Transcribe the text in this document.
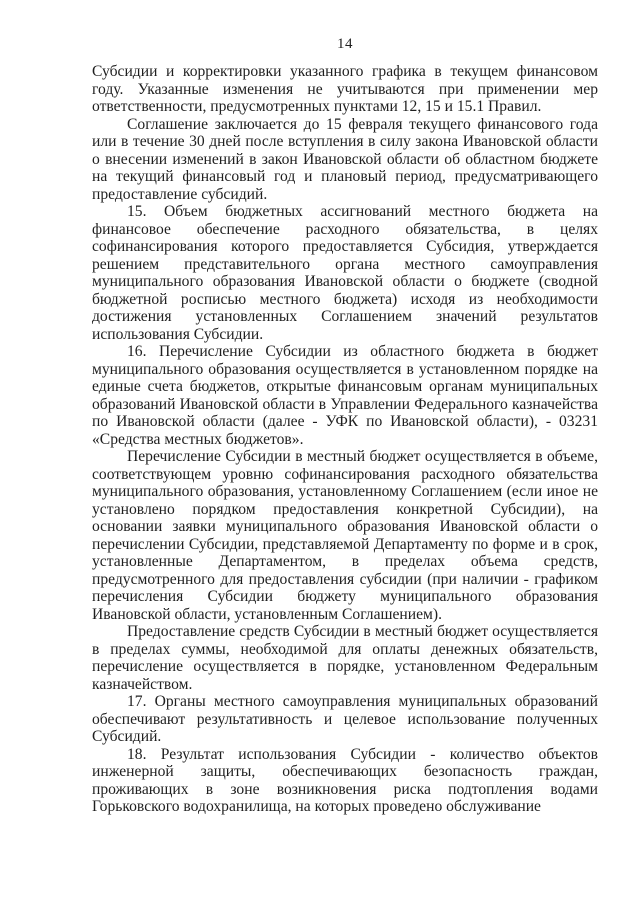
14

Субсидии и корректировки указанного графика в текущем финансовом году. Указанные изменения не учитываются при применении мер ответственности, предусмотренных пунктами 12, 15 и 15.1 Правил.

Соглашение заключается до 15 февраля текущего финансового года или в течение 30 дней после вступления в силу закона Ивановской области о внесении изменений в закон Ивановской области об областном бюджете на текущий финансовый год и плановый период, предусматривающего предоставление субсидий.

15. Объем бюджетных ассигнований местного бюджета на финансовое обеспечение расходного обязательства, в целях софинансирования которого предоставляется Субсидия, утверждается решением представительного органа местного самоуправления муниципального образования Ивановской области о бюджете (сводной бюджетной росписью местного бюджета) исходя из необходимости достижения установленных Соглашением значений результатов использования Субсидии.

16. Перечисление Субсидии из областного бюджета в бюджет муниципального образования осуществляется в установленном порядке на единые счета бюджетов, открытые финансовым органам муниципальных образований Ивановской области в Управлении Федерального казначейства по Ивановской области (далее - УФК по Ивановской области), - 03231 «Средства местных бюджетов».

Перечисление Субсидии в местный бюджет осуществляется в объеме, соответствующем уровню софинансирования расходного обязательства муниципального образования, установленному Соглашением (если иное не установлено порядком предоставления конкретной Субсидии), на основании заявки муниципального образования Ивановской области о перечислении Субсидии, представляемой Департаменту по форме и в срок, установленные Департаментом, в пределах объема средств, предусмотренного для предоставления субсидии (при наличии - графиком перечисления Субсидии бюджету муниципального образования Ивановской области, установленным Соглашением).

Предоставление средств Субсидии в местный бюджет осуществляется в пределах суммы, необходимой для оплаты денежных обязательств, перечисление осуществляется в порядке, установленном Федеральным казначейством.

17. Органы местного самоуправления муниципальных образований обеспечивают результативность и целевое использование полученных Субсидий.

18. Результат использования Субсидии - количество объектов инженерной защиты, обеспечивающих безопасность граждан, проживающих в зоне возникновения риска подтопления водами Горьковского водохранилища, на которых проведено обслуживание
